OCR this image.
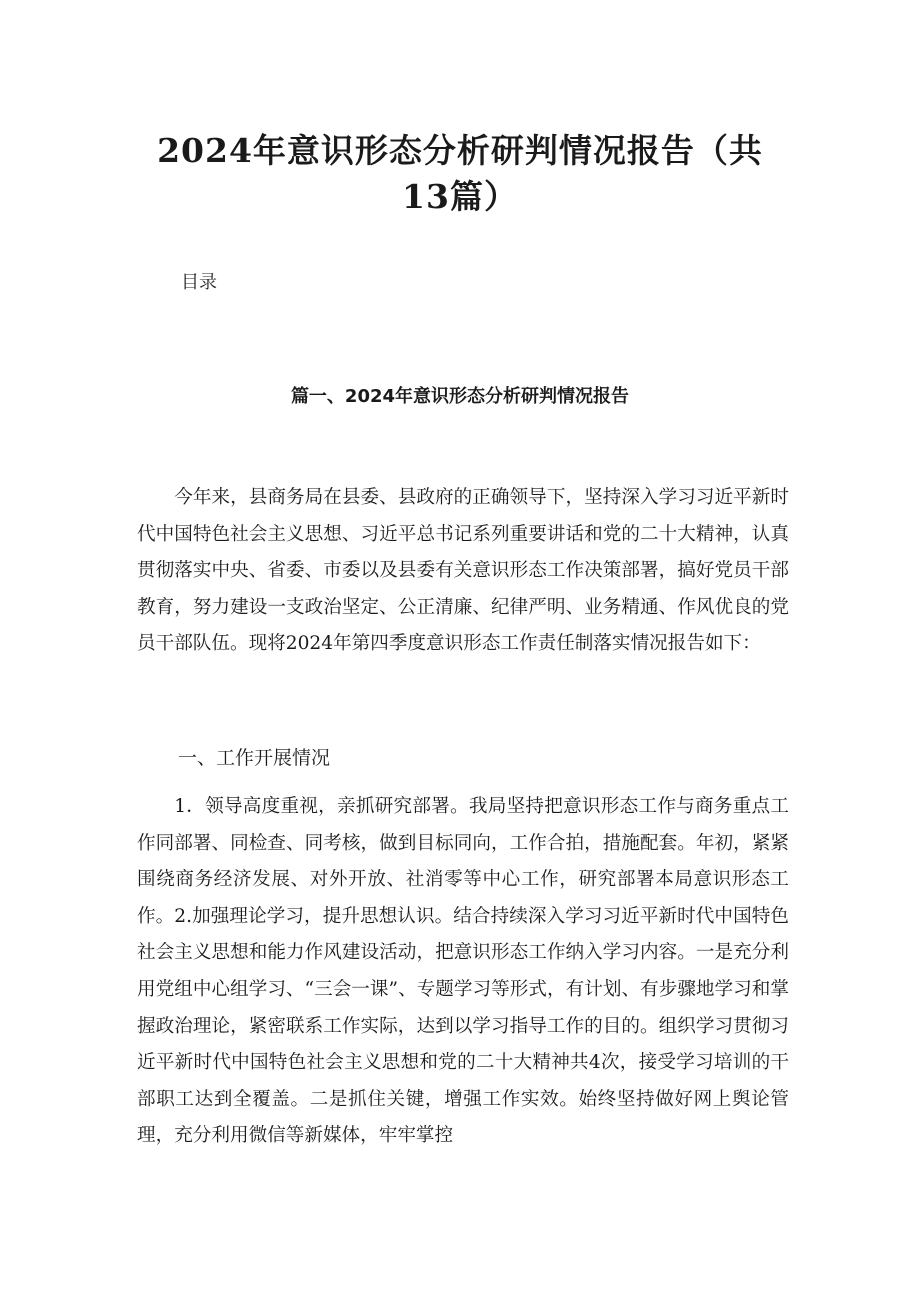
2024年意识形态分析研判情况报告（共13篇）
目录
篇一、2024年意识形态分析研判情况报告

今年来，县商务局在县委、县政府的正确领导下，坚持深入学习习近平新时代中国特色社会主义思想、习近平总书记系列重要讲话和党的二十大精神，认真贯彻落实中央、省委、市委以及县委有关意识形态工作决策部署，搞好党员干部教育，努力建设一支政治坚定、公正清廉、纪律严明、业务精通、作风优良的党员干部队伍。现将2024年第四季度意识形态工作责任制落实情况报告如下：

一、工作开展情况

1．领导高度重视，亲抓研究部署。我局坚持把意识形态工作与商务重点工作同部署、同检查、同考核，做到目标同向，工作合拍，措施配套。年初，紧紧围绕商务经济发展、对外开放、社消零等中心工作，研究部署本局意识形态工作。2.加强理论学习，提升思想认识。结合持续深入学习习近平新时代中国特色社会主义思想和能力作风建设活动，把意识形态工作纳入学习内容。一是充分利用党组中心组学习、“三会一课”、专题学习等形式，有计划、有步骤地学习和掌握政治理论，紧密联系工作实际，达到以学习指导工作的目的。组织学习贯彻习近平新时代中国特色社会主义思想和党的二十大精神共4次，接受学习培训的干部职工达到全覆盖。二是抓住关键，增强工作实效。始终坚持做好网上舆论管理，充分利用微信等新媒体，牢牢掌控
